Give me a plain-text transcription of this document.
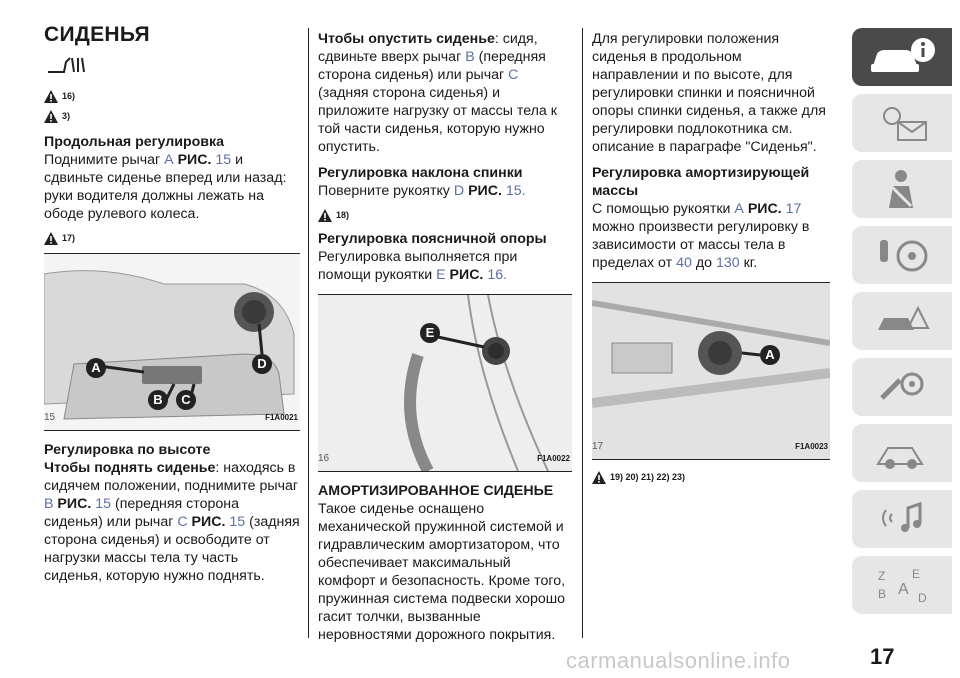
СИДЕНЬЯ
16)
3)

Продольная регулировка

Поднимите рычаг А РИС. 15 и сдвиньте сиденье вперед или назад: руки водителя должны лежать на ободе рулевого колеса.

17)
A	D
B	C
15	F1A0021

Регулировка по высоте

Чтобы поднять сиденье: находясь в сидячем положении, поднимите рычаг B РИС. 15 (передняя сторона сиденья) или рычаг C РИС. 15 (задняя сторона сиденья) и освободите от нагрузки массы тела ту часть сиденья, которую нужно поднять.

Чтобы опустить сиденье: сидя, сдвиньте вверх рычаг B (передняя сторона сиденья) или рычаг C (задняя сторона сиденья) и приложите нагрузку от массы тела к той части сиденья, которую нужно опустить.

Регулировка наклона спинки

Поверните рукоятку D РИС. 15.

18)

Регулировка поясничной опоры

Регулировка выполняется при помощи рукоятки E РИС. 16.

E
16	F1A0022

АМОРТИЗИРОВАННОЕ СИДЕНЬЕ

Такое сиденье оснащено механической пружинной системой и гидравлическим амортизатором, что обеспечивает максимальный комфорт и безопасность. Кроме того, пружинная система подвески хорошо гасит толчки, вызванные неровностями дорожного покрытия.

Для регулировки положения сиденья в продольном направлении и по высоте, для регулировки спинки и поясничной опоры спинки сиденья, а также для регулировки подлокотника см. описание в параграфе "Сиденья".

Регулировка амортизирующей массы

С помощью рукоятки А РИС. 17 можно произвести регулировку в зависимости от массы тела в пределах от 40 до 130 кг.

A
17	F1A0023
19) 20) 21) 22) 23)
Z E
B A D
17
carmanualsonline.info
